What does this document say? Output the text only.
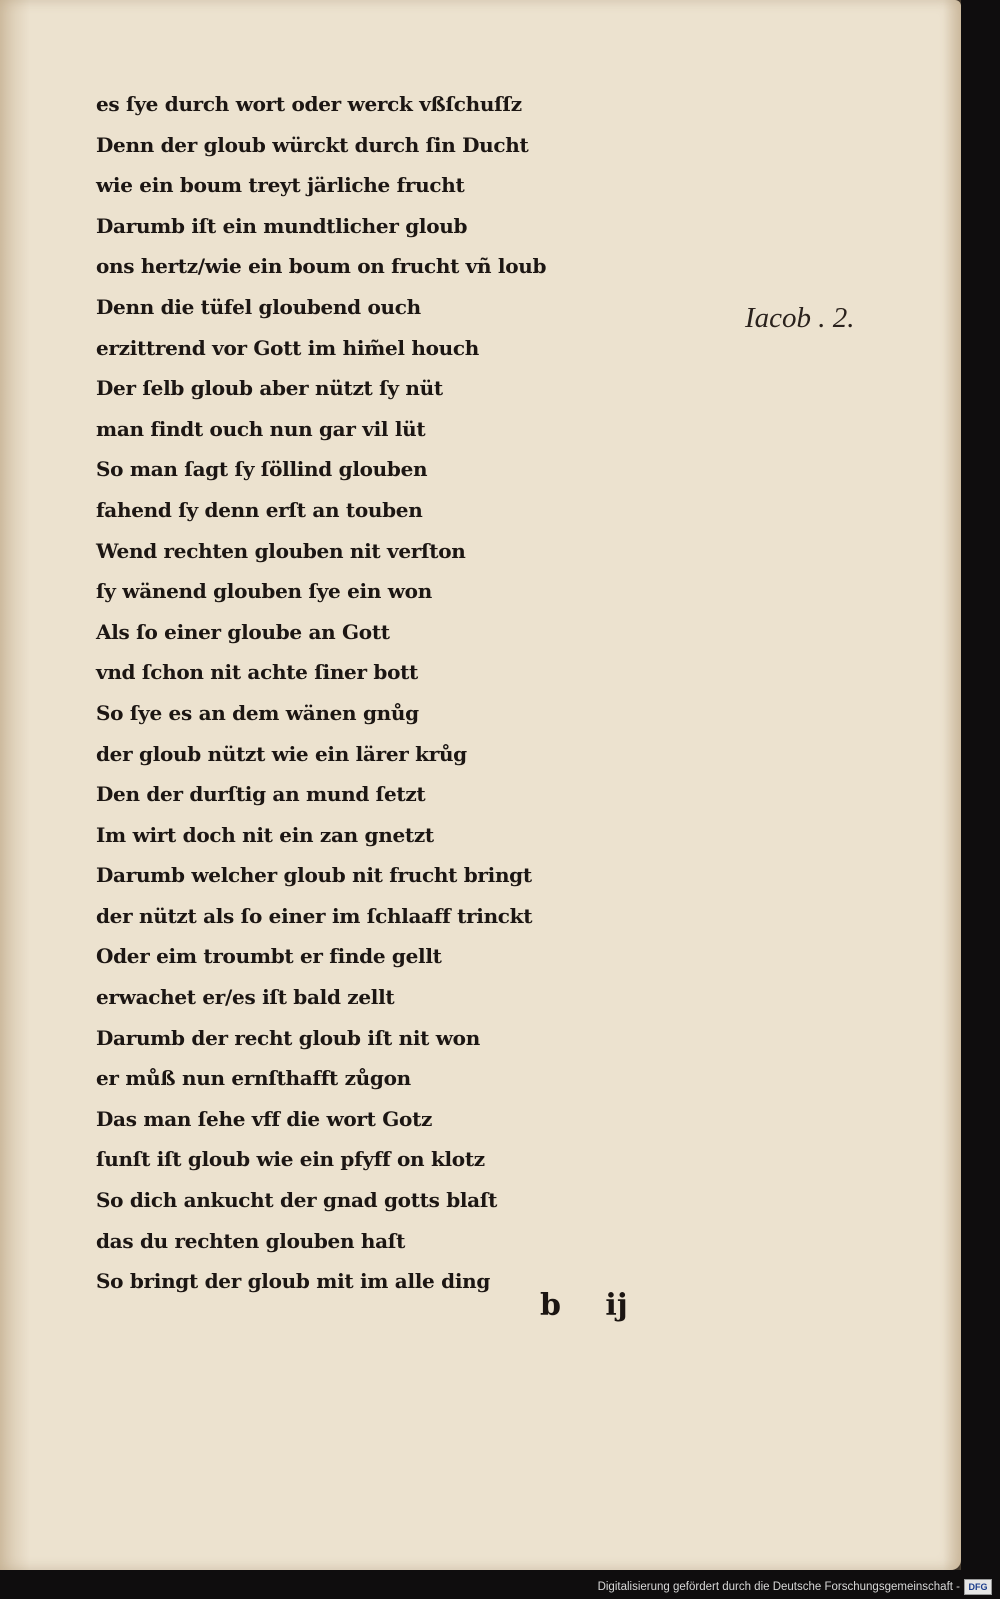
es ſye durch wort oder werck vßſchuſſz
Denn der gloub würckt durch ſin Ducht
wie ein boum treyt järliche frucht
Darumb iſt ein mundtlicher gloub
ons hertz/wie ein boum on frucht vñ loub
Denn die tüfel gloubend ouch
erzittrend vor Gott im him̃el houch
Der ſelb gloub aber nützt ſy nüt
man findt ouch nun gar vil lüt
So man ſagt ſy ſöllind glouben
fahend ſy denn erſt an touben
Wend rechten glouben nit verſton
ſy wänend glouben ſye ein won
Als ſo einer gloube an Gott
vnd ſchon nit achte ſiner bott
So ſye es an dem wänen gnůg
der gloub nützt wie ein lärer krůg
Den der durſtig an mund ſetzt
Im wirt doch nit ein zan gnetzt
Darumb welcher gloub nit frucht bringt
der nützt als ſo einer im ſchlaaff trinckt
Oder eim troumbt er finde gellt
erwachet er/es iſt bald zellt
Darumb der recht gloub iſt nit won
er můß nun ernſthafft zůgon
Das man ſehe vff die wort Gotz
ſunſt iſt gloub wie ein pfyff on klotz
So dich ankucht der gnad gotts blaſt
das du rechten glouben haſt
So bringt der gloub mit im alle ding
Iacob . 2.
b ij
Digitalisierung gefördert durch die Deutsche Forschungsgemeinschaft - DFG
